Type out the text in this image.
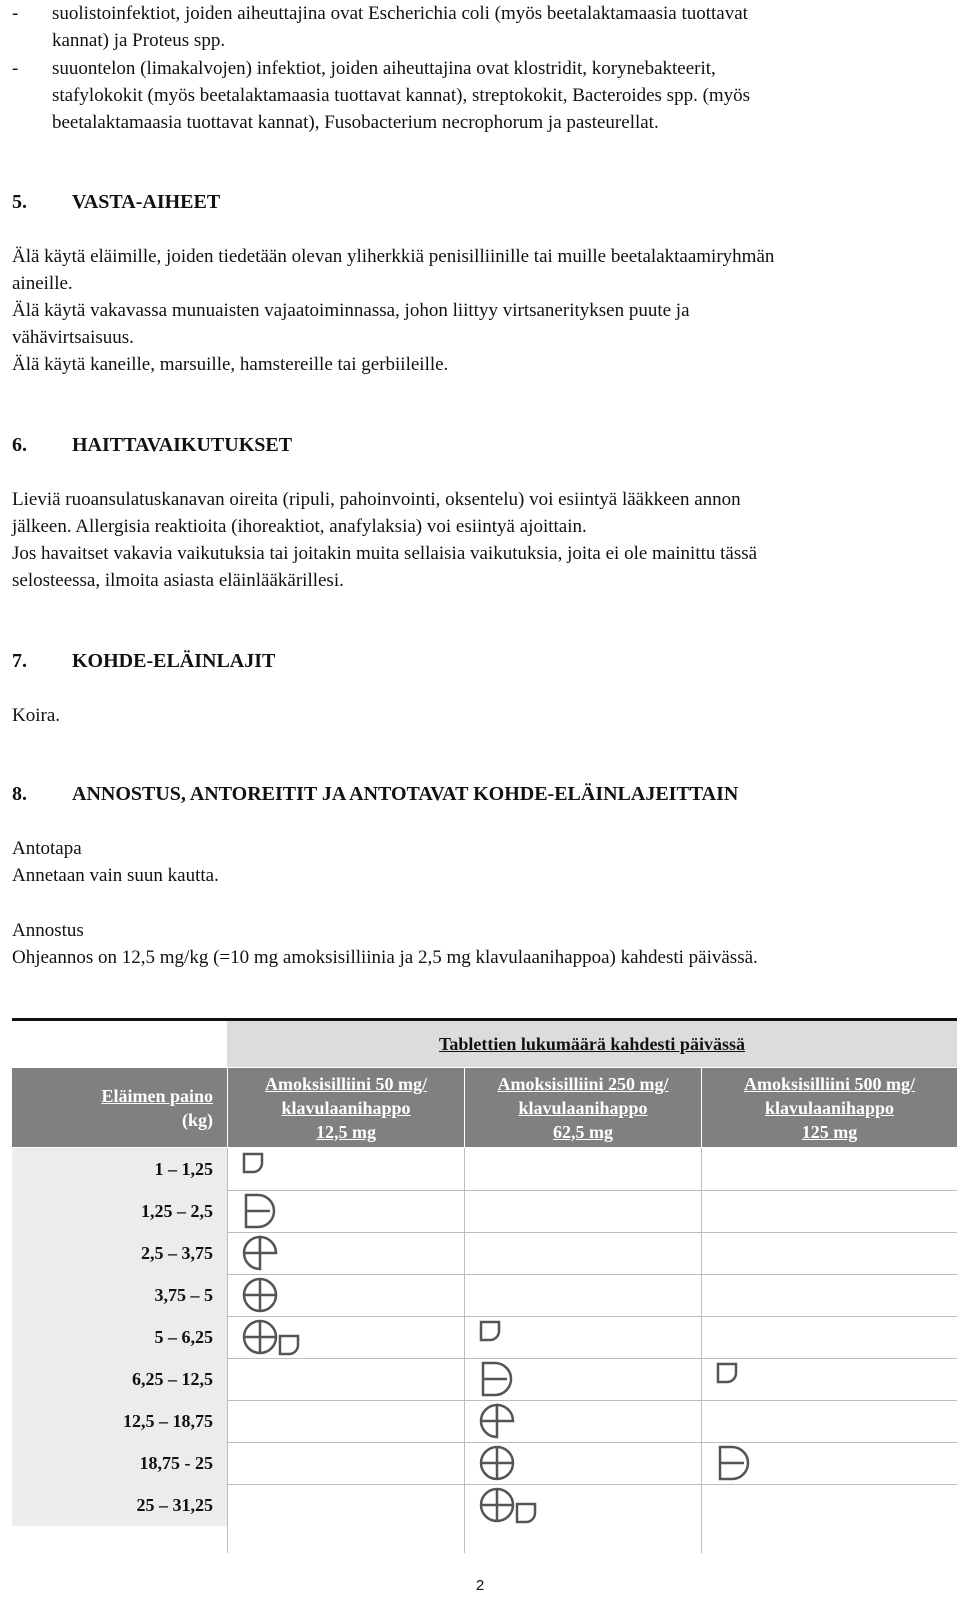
- suolistoinfektiot, joiden aiheuttajina ovat Escherichia coli (myös beetalaktamaasia tuottavat
kannat) ja Proteus spp.
- suuontelon (limakalvojen) infektiot, joiden aiheuttajina ovat klostridit, korynebakteerit,
stafylokokit (myös beetalaktamaasia tuottavat kannat), streptokokit, Bacteroides spp. (myös
beetalaktamaasia tuottavat kannat), Fusobacterium necrophorum ja pasteurellat.
5. VASTA-AIHEET

Älä käytä eläimille, joiden tiedetään olevan yliherkkiä penisilliinille tai muille beetalaktaamiryhmän

aineille.

Älä käytä vakavassa munuaisten vajaatoiminnassa, johon liittyy virtsanerityksen puute ja

vähävirtsaisuus.

Älä käytä kaneille, marsuille, hamstereille tai gerbiileille.

6. HAITTAVAIKUTUKSET

Lieviä ruoansulatuskanavan oireita (ripuli, pahoinvointi, oksentelu) voi esiintyä lääkkeen annon

jälkeen. Allergisia reaktioita (ihoreaktiot, anafylaksia) voi esiintyä ajoittain.

Jos havaitset vakavia vaikutuksia tai joitakin muita sellaisia vaikutuksia, joita ei ole mainittu tässä

selosteessa, ilmoita asiasta eläinlääkärillesi.

7. KOHDE-ELÄINLAJIT

Koira.

8. ANNOSTUS, ANTOREITIT JA ANTOTAVAT KOHDE-ELÄINLAJEITTAIN

Antotapa

Annetaan vain suun kautta.

Annostus

Ohjeannos on 12,5 mg/kg (=10 mg amoksisilliinia ja 2,5 mg klavulaanihappoa) kahdesti päivässä.

Tablettien lukumäärä kahdesti päivässä
Eläimen paino
(kg)
Amoksisilliini 50 mg/
klavulaanihappo
12,5 mg
Amoksisilliini 250 mg/
klavulaanihappo
62,5 mg
Amoksisilliini 500 mg/
klavulaanihappo
125 mg
1 – 1,25
1,25 – 2,5
2,5 – 3,75
3,75 – 5
5 – 6,25
6,25 – 12,5
12,5 – 18,75
18,75 - 25
25 – 31,25
2
